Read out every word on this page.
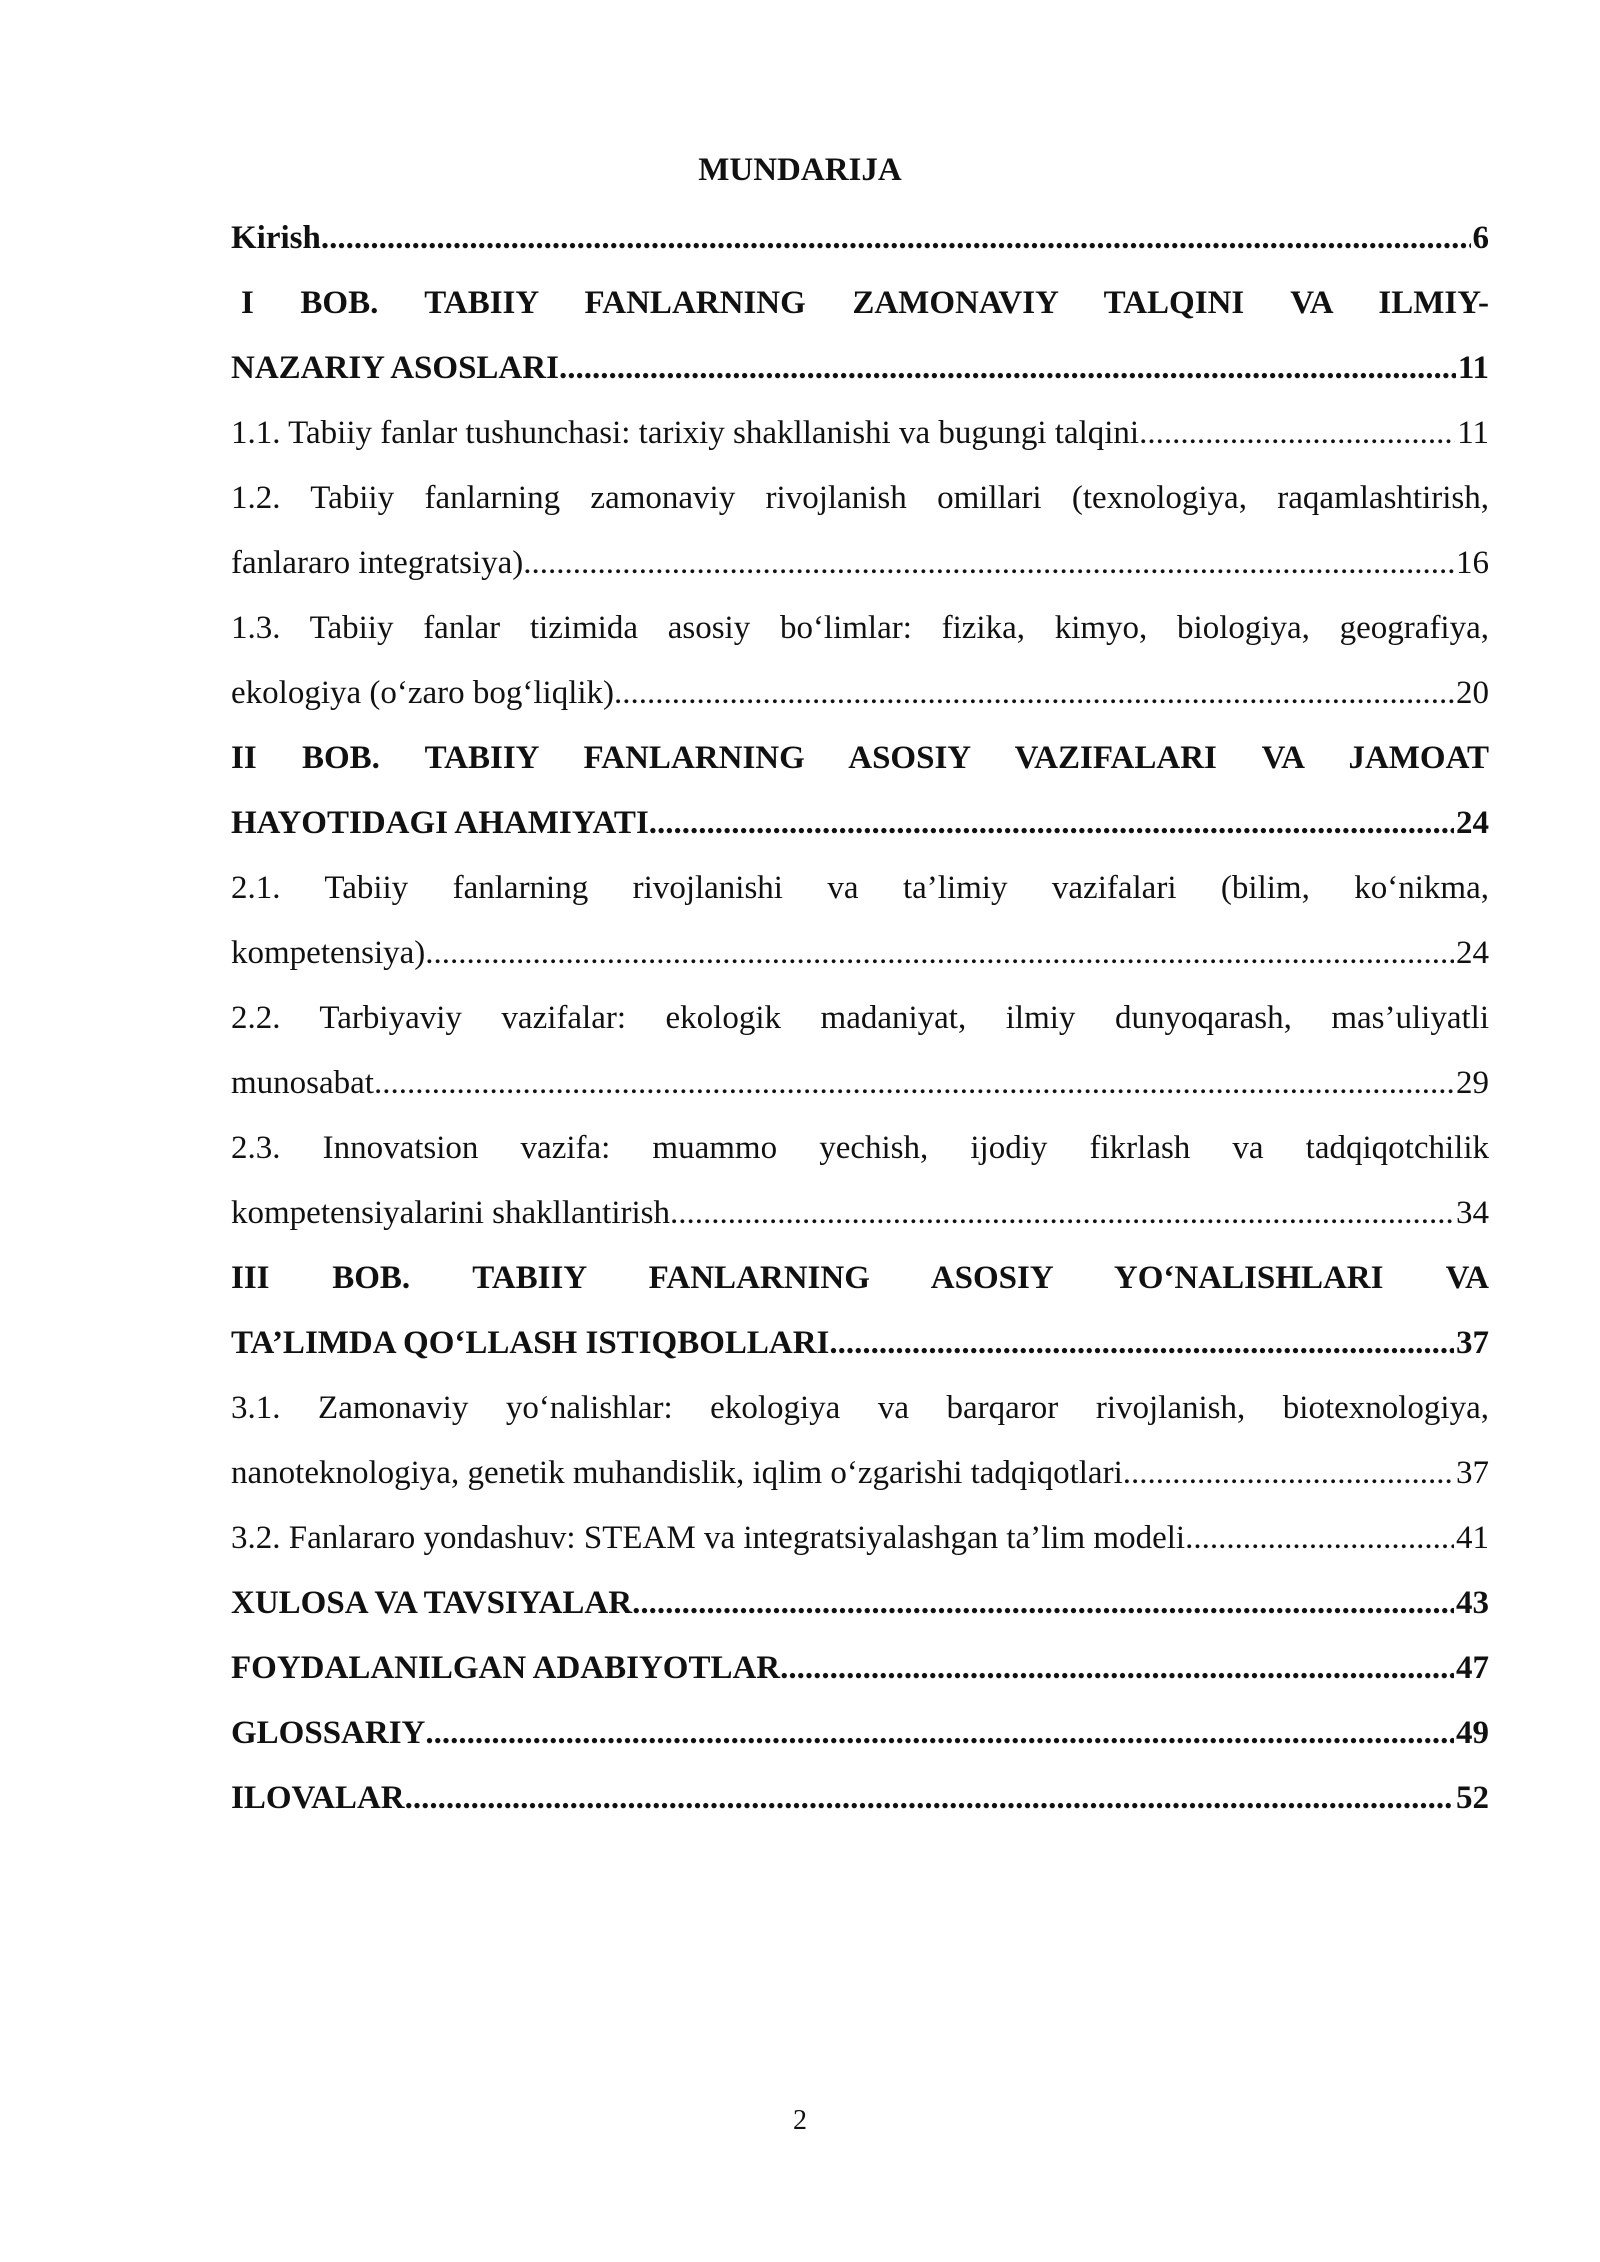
MUNDARIJA
Kirish .....	6
I BOB. TABIIY FANLARNING ZAMONAVIY TALQINI VA ILMIY-
NAZARIY ASOSLARI .....	11
1.1. Tabiiy fanlar tushunchasi: tarixiy shakllanishi va bugungi talqini .....	11
1.2. Tabiiy fanlarning zamonaviy rivojlanish omillari (texnologiya, raqamlashtirish,
fanlararo integratsiya) .....	16
1.3. Tabiiy fanlar tizimida asosiy bo‘limlar: fizika, kimyo, biologiya, geografiya,
ekologiya (o‘zaro bog‘liqlik) .....	20
II BOB. TABIIY FANLARNING ASOSIY VAZIFALARI VA JAMOAT
HAYOTIDAGI AHAMIYATI .....	24
2.1. Tabiiy fanlarning rivojlanishi va ta’limiy vazifalari (bilim, ko‘nikma,
kompetensiya) .....	24
2.2. Tarbiyaviy vazifalar: ekologik madaniyat, ilmiy dunyoqarash, mas’uliyatli
munosabat .....	29
2.3. Innovatsion vazifa: muammo yechish, ijodiy fikrlash va tadqiqotchilik
kompetensiyalarini shakllantirish .....	34
III BOB. TABIIY FANLARNING ASOSIY YO‘NALISHLARI VA
TA’LIMDA QO‘LLASH ISTIQBOLLARI .....	37
3.1. Zamonaviy yo‘nalishlar: ekologiya va barqaror rivojlanish, biotexnologiya,
nanoteknologiya, genetik muhandislik, iqlim o‘zgarishi tadqiqotlari .....	37
3.2. Fanlararo yondashuv: STEAM va integratsiyalashgan ta’lim modeli .....	41
XULOSA VA TAVSIYALAR .....	43
FOYDALANILGAN ADABIYOTLAR .....	47
GLOSSARIY .....	49
ILOVALAR .....	52
2
